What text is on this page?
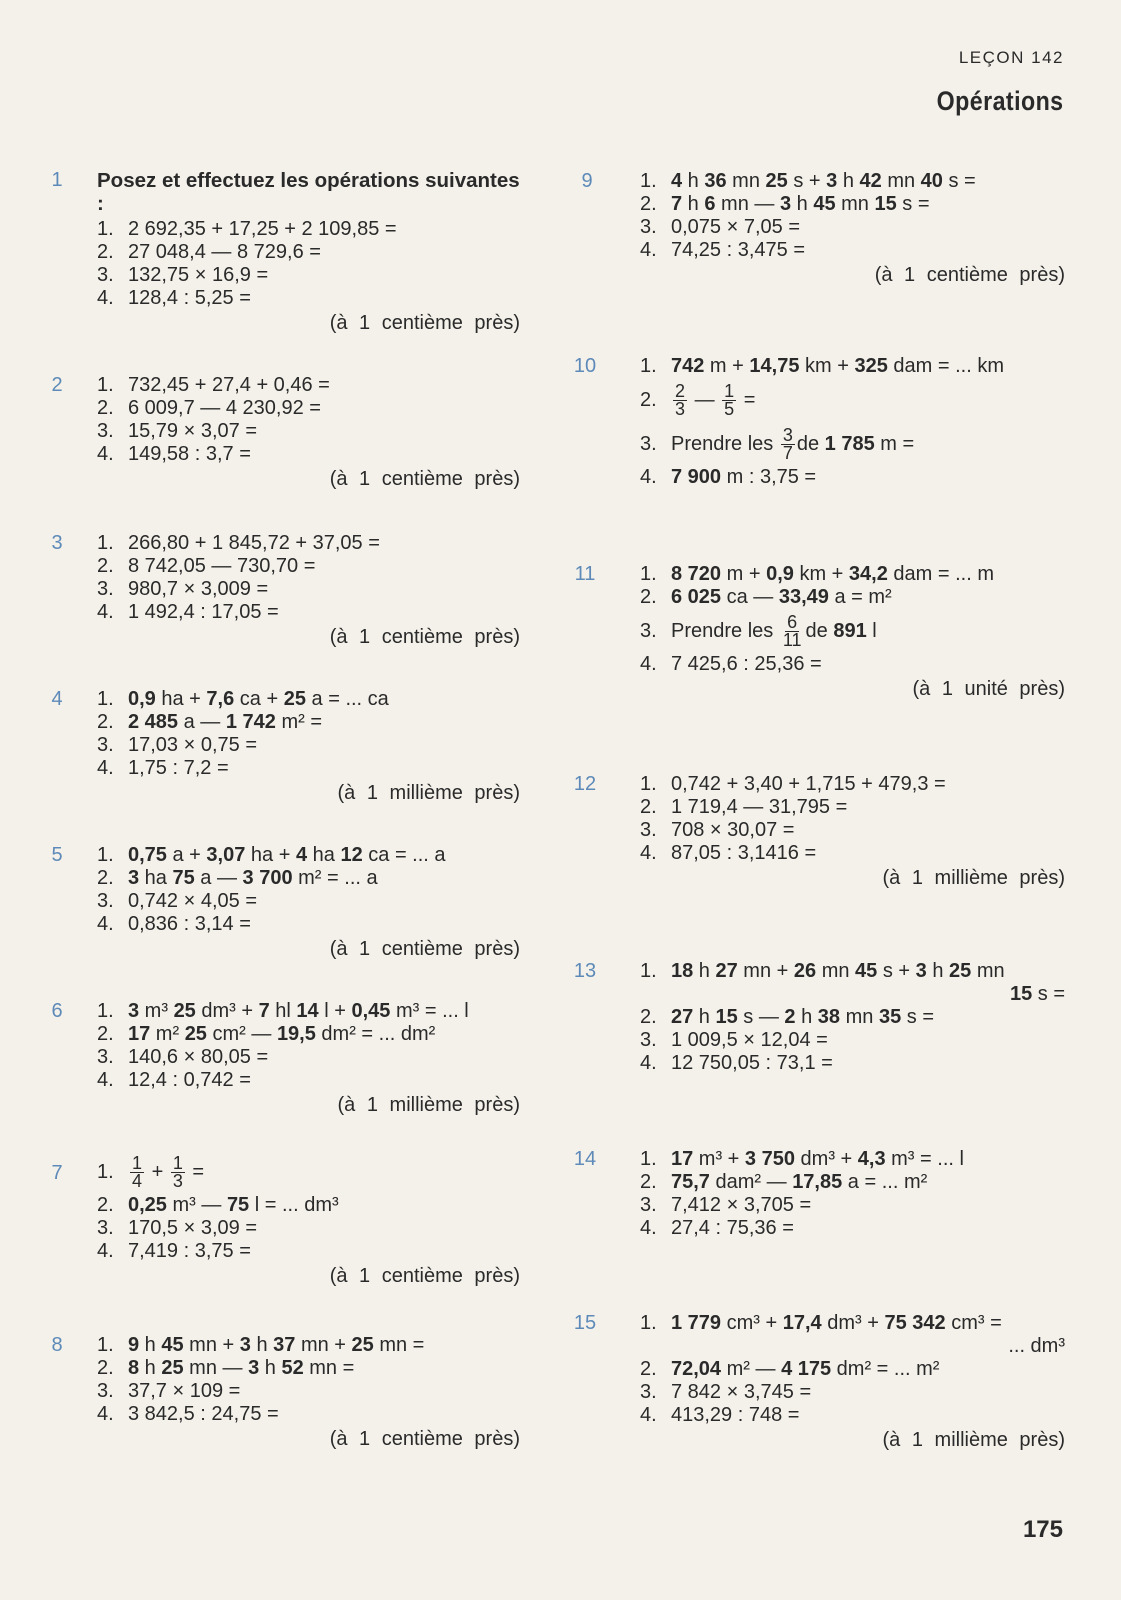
LEÇON 142
Opérations
1	Posez et effectuez les opérations suivantes :
1. 2 692,35 + 17,25 + 2 109,85 =
2. 27 048,4 — 8 729,6 =
3. 132,75 × 16,9 =
4. 128,4 : 5,25 =
(à 1 centième près)
2	1. 732,45 + 27,4 + 0,46 =
2. 6 009,7 — 4 230,92 =
3. 15,79 × 3,07 =
4. 149,58 : 3,7 =
(à 1 centième près)
3	1. 266,80 + 1 845,72 + 37,05 =
2. 8 742,05 — 730,70 =
3. 980,7 × 3,009 =
4. 1 492,4 : 17,05 =
(à 1 centième près)
4	1. 0,9 ha + 7,6 ca + 25 a = ... ca
2. 2 485 a — 1 742 m² =
3. 17,03 × 0,75 =
4. 1,75 : 7,2 =
(à 1 millième près)
5	1. 0,75 a + 3,07 ha + 4 ha 12 ca = ... a
2. 3 ha 75 a — 3 700 m² = ... a
3. 0,742 × 4,05 =
4. 0,836 : 3,14 =
(à 1 centième près)
6	1. 3 m³ 25 dm³ + 7 hl 14 l + 0,45 m³ = ... l
2. 17 m² 25 cm² — 19,5 dm² = ... dm²
3. 140,6 × 80,05 =
4. 12,4 : 0,742 =
(à 1 millième près)
7	1. $\frac{1}{4} + \frac{1}{3}$ =
2. 0,25 m³ — 75 l = ... dm³
3. 170,5 × 3,09 =
4. 7,419 : 3,75 =
(à 1 centième près)
8	1. 9 h 45 mn + 3 h 37 mn + 25 mn =
2. 8 h 25 mn — 3 h 52 mn =
3. 37,7 × 109 =
4. 3 842,5 : 24,75 =
(à 1 centième près)
9	1. 4 h 36 mn 25 s + 3 h 42 mn 40 s =
2. 7 h 6 mn — 3 h 45 mn 15 s =
3. 0,075 × 7,05 =
4. 74,25 : 3,475 =
(à 1 centième près)
10	1. 742 m + 14,75 km + 325 dam = ... km
2. $\frac{2}{3}$ — $\frac{1}{5}$ =
3. Prendre les $\frac{3}{7}$ de 1 785 m =
4. 7 900 m : 3,75 =
11	1. 8 720 m + 0,9 km + 34,2 dam = ... m
2. 6 025 ca — 33,49 a = m²
3. Prendre les $\frac{6}{11}$ de 891 l
4. 7 425,6 : 25,36 =
(à 1 unité près)
12	1. 0,742 + 3,40 + 1,715 + 479,3 =
2. 1 719,4 — 31,795 =
3. 708 × 30,07 =
4. 87,05 : 3,1416 =
(à 1 millième près)
13	1. 18 h 27 mn + 26 mn 45 s + 3 h 25 mn
15 s =
2. 27 h 15 s — 2 h 38 mn 35 s =
3. 1 009,5 × 12,04 =
4. 12 750,05 : 73,1 =
14	1. 17 m³ + 3 750 dm³ + 4,3 m³ = ... l
2. 75,7 dam² — 17,85 a = ... m²
3. 7,412 × 3,705 =
4. 27,4 : 75,36 =
15	1. 1 779 cm³ + 17,4 dm³ + 75 342 cm³ =
... dm³
2. 72,04 m² — 4 175 dm² = ... m²
3. 7 842 × 3,745 =
4. 413,29 : 748 =
(à 1 millième près)
175
